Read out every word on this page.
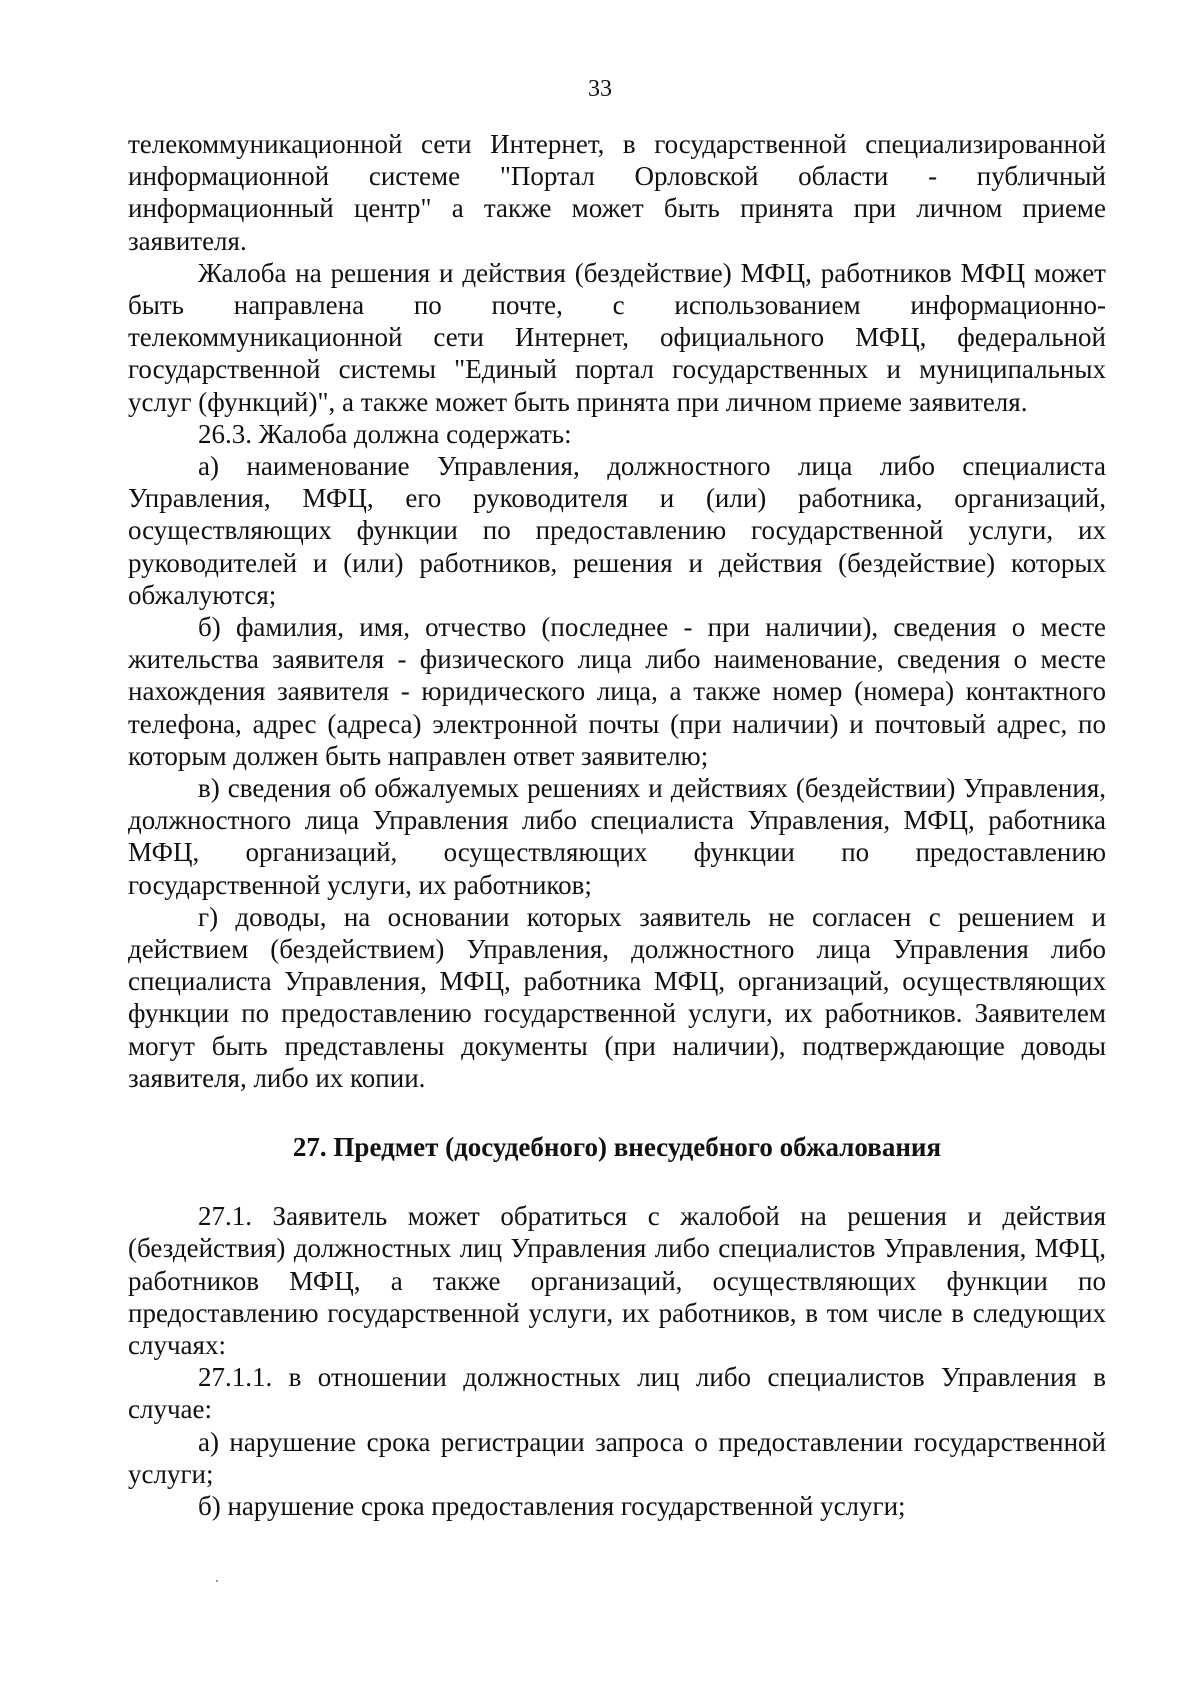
33

телекоммуникационной сети Интернет, в государственной специализированной информационной системе "Портал Орловской области - публичный информационный центр" а также может быть принята при личном приеме заявителя.

Жалоба на решения и действия (бездействие) МФЦ, работников МФЦ может быть направлена по почте, с использованием информационно-телекоммуникационной сети Интернет, официального МФЦ, федеральной государственной системы "Единый портал государственных и муниципальных услуг (функций)", а также может быть принята при личном приеме заявителя.

26.3. Жалоба должна содержать:

а) наименование Управления, должностного лица либо специалиста Управления, МФЦ, его руководителя и (или) работника, организаций, осуществляющих функции по предоставлению государственной услуги, их руководителей и (или) работников, решения и действия (бездействие) которых обжалуются;

б) фамилия, имя, отчество (последнее - при наличии), сведения о месте жительства заявителя - физического лица либо наименование, сведения о месте нахождения заявителя - юридического лица, а также номер (номера) контактного телефона, адрес (адреса) электронной почты (при наличии) и почтовый адрес, по которым должен быть направлен ответ заявителю;

в) сведения об обжалуемых решениях и действиях (бездействии) Управления, должностного лица Управления либо специалиста Управления, МФЦ, работника МФЦ, организаций, осуществляющих функции по предоставлению государственной услуги, их работников;

г) доводы, на основании которых заявитель не согласен с решением и действием (бездействием) Управления, должностного лица Управления либо специалиста Управления, МФЦ, работника МФЦ, организаций, осуществляющих функции по предоставлению государственной услуги, их работников. Заявителем могут быть представлены документы (при наличии), подтверждающие доводы заявителя, либо их копии.

27. Предмет (досудебного) внесудебного обжалования

27.1. Заявитель может обратиться с жалобой на решения и действия (бездействия) должностных лиц Управления либо специалистов Управления, МФЦ, работников МФЦ, а также организаций, осуществляющих функции по предоставлению государственной услуги, их работников, в том числе в следующих случаях:

27.1.1. в отношении должностных лиц либо специалистов Управления в случае:

а) нарушение срока регистрации запроса о предоставлении государственной услуги;

б) нарушение срока предоставления государственной услуги;
